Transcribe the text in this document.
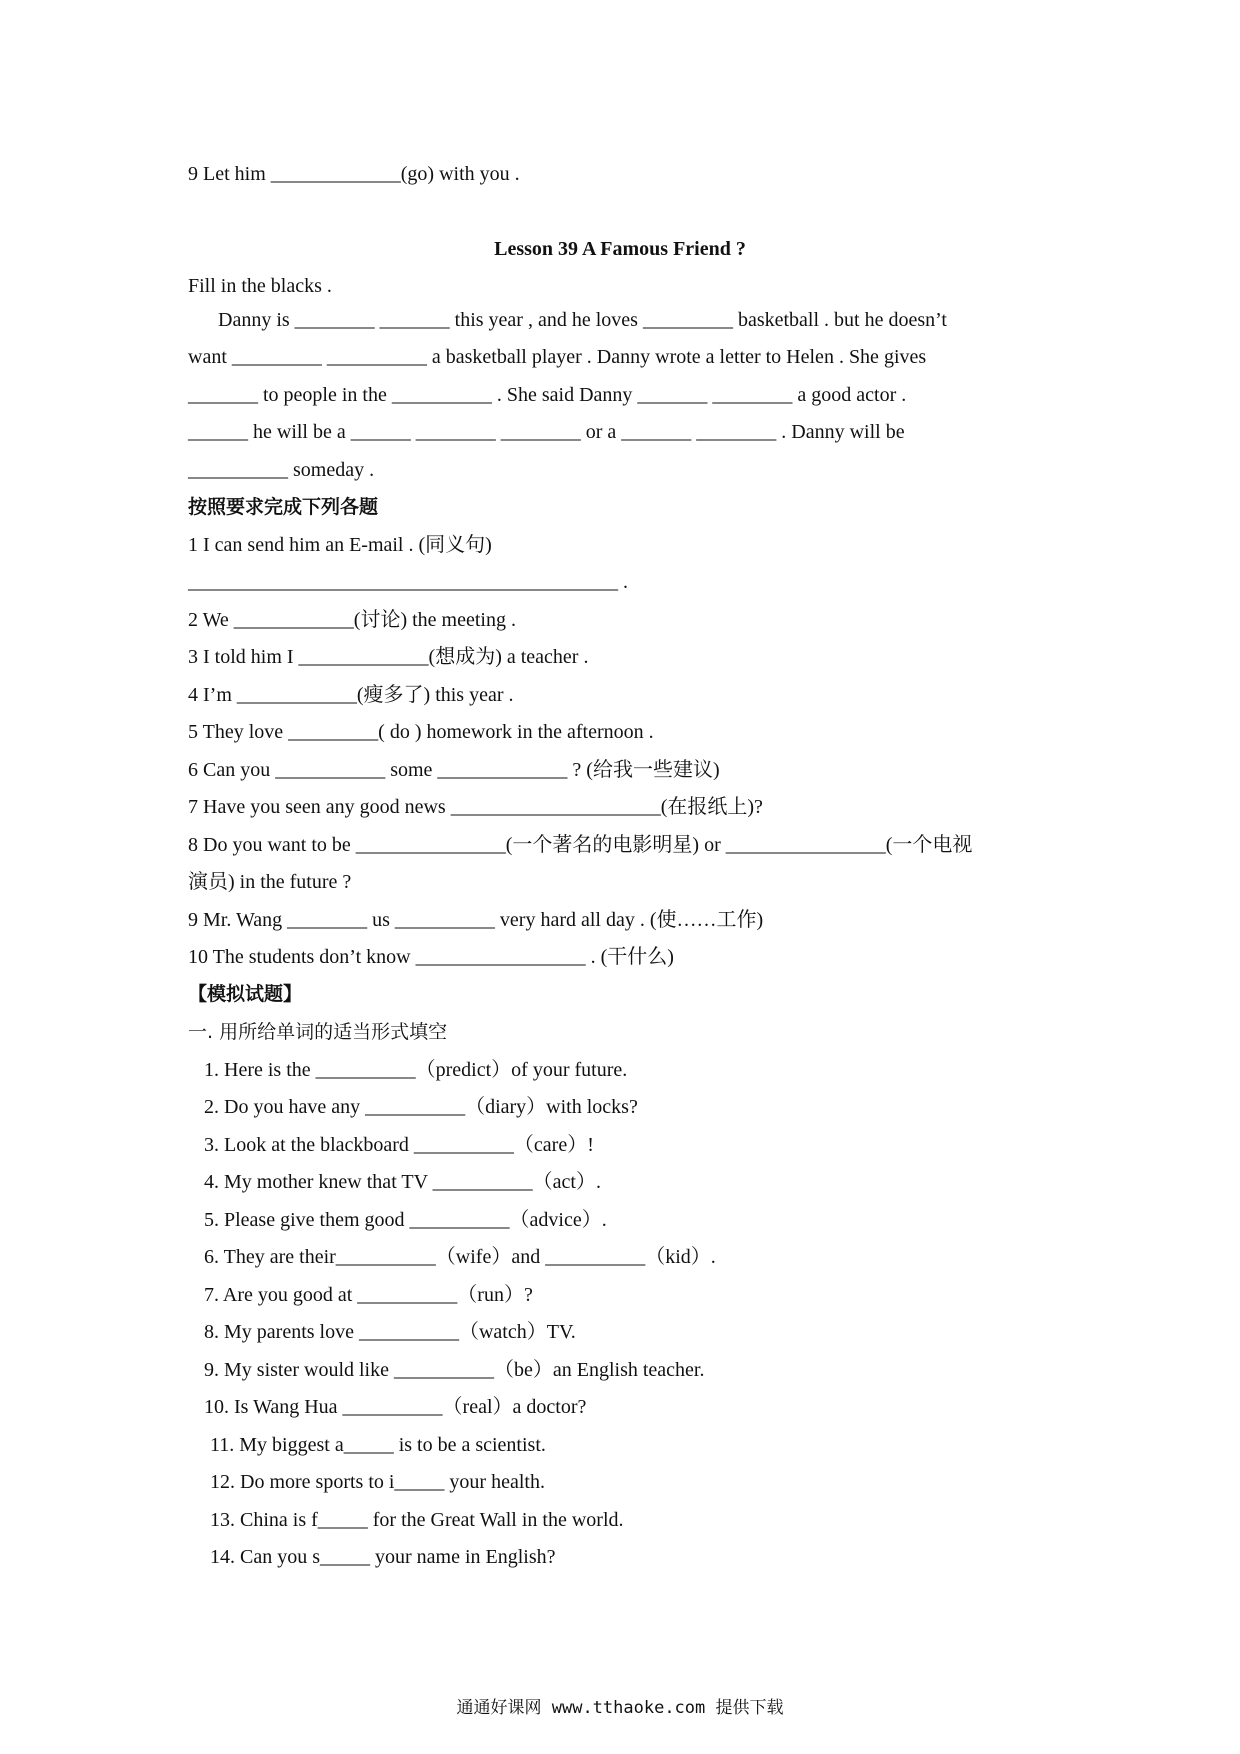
9 Let him _____________(go) with you .
Lesson 39 A Famous Friend ?
Fill in the blacks .
Danny is ________ _______ this year , and he loves _________ basketball . but he doesn’t
want _________ __________ a basketball player . Danny wrote a letter to Helen . She gives
_______ to people in the __________ . She said Danny _______ ________ a good actor .
______ he will be a ______ ________ ________ or a _______ ________ . Danny will be
__________ someday .
按照要求完成下列各题
1 I can send him an E-mail . (同义句)
___________________________________________ .
2 We ____________(讨论) the meeting .
3 I told him I _____________(想成为) a teacher .
4 I’m ____________(瘦多了) this year .
5 They love _________( do ) homework in the afternoon .
6 Can you ___________ some _____________ ? (给我一些建议)
7 Have you seen any good news _____________________(在报纸上)?
8 Do you want to be _______________(一个著名的电影明星) or ________________(一个电视
演员) in the future ?
9 Mr. Wang ________ us __________ very hard all day . (使……工作)
10 The students don’t know _________________ . (干什么)
【模拟试题】
一. 用所给单词的适当形式填空
1. Here is the __________（predict）of your future.
2. Do you have any __________（diary）with locks?
3. Look at the blackboard __________（care）!
4. My mother knew that TV __________（act）.
5. Please give them good __________（advice）.
6. They are their__________（wife）and __________（kid）.
7. Are you good at __________（run）?
8. My parents love __________（watch）TV.
9. My sister would like __________（be）an English teacher.
10. Is Wang Hua __________（real）a doctor?
11. My biggest a_____ is to be a scientist.
12. Do more sports to i_____ your health.
13. China is f_____ for the Great Wall in the world.
14. Can you s_____ your name in English?
通通好课网 www.tthaoke.com 提供下载
